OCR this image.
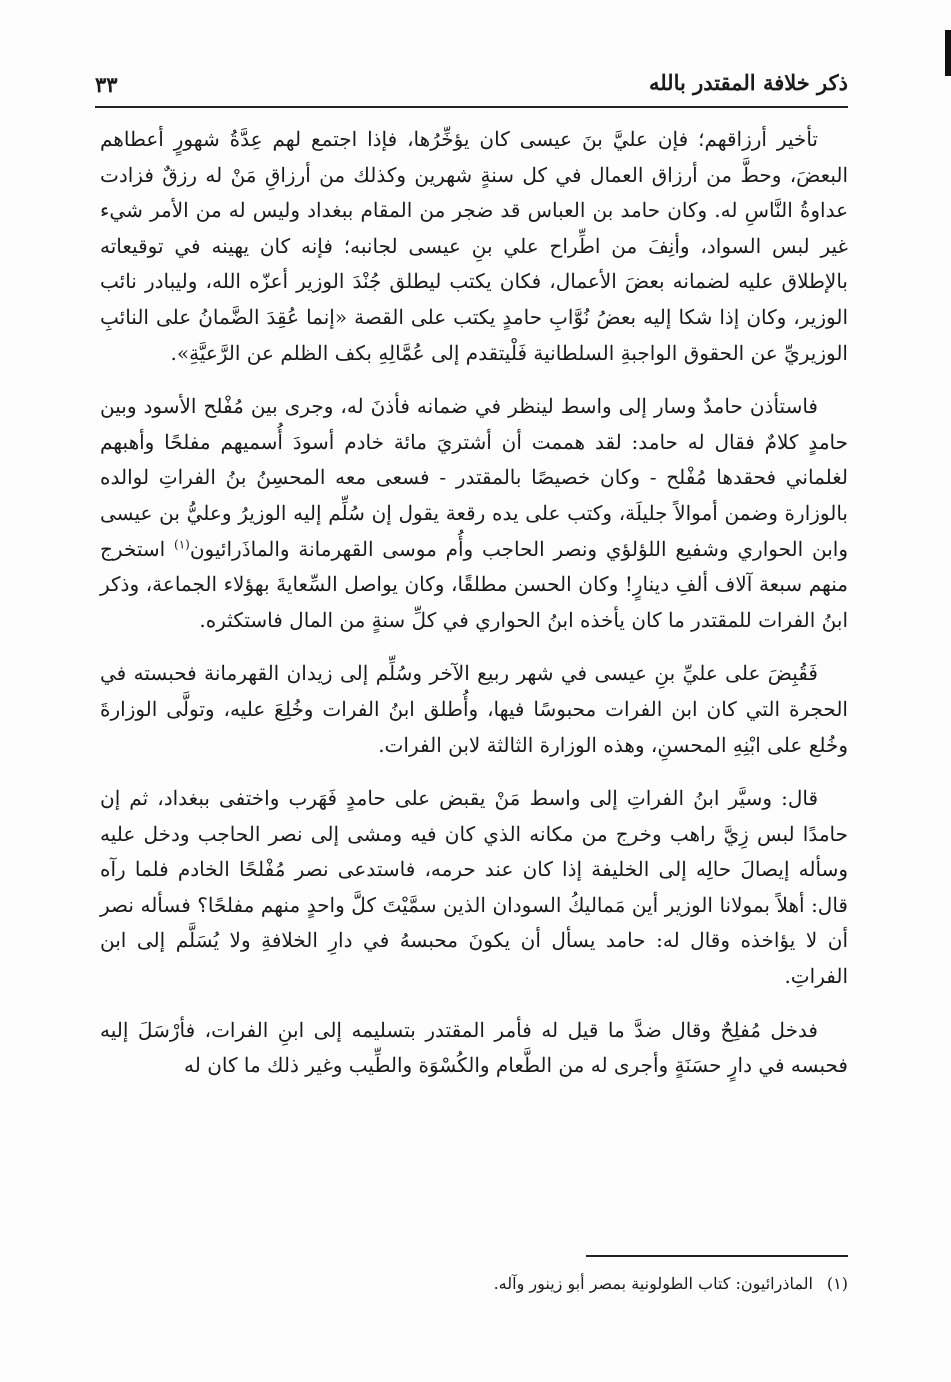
ذكر خلافة المقتدر بالله
٣٣

تأخير أرزاقهم؛ فإن عليَّ بنَ عيسى كان يؤخِّرُها، فإذا اجتمع لهم عِدَّةُ شهورٍ أعطاهم البعضَ، وحطَّ من أرزاق العمال في كل سنةٍ شهرين وكذلك من أرزاقِ مَنْ له رزقٌ فزادت عداوةُ النَّاسِ له. وكان حامد بن العباس قد ضجر من المقام ببغداد وليس له من الأمر شيء غير لبس السواد، وأنِفَ من اطِّراح علي بنِ عيسى لجانبه؛ فإنه كان يهينه في توقيعاته بالإطلاق عليه لضمانه بعضَ الأعمال، فكان يكتب ليطلق جُنْدَ الوزير أعزّه الله، وليبادر نائب الوزير، وكان إذا شكا إليه بعضُ نُوَّابِ حامدٍ يكتب على القصة «إنما عُقِدَ الضَّمانُ على النائبِ الوزيريِّ عن الحقوق الواجبةِ السلطانية فَلْيتقدم إلى عُمَّالِهِ بكف الظلم عن الرَّعيَّةِ».

فاستأذن حامدٌ وسار إلى واسط لينظر في ضمانه فأذنَ له، وجرى بين مُفْلح الأسود وبين حامدٍ كلامٌ فقال له حامد: لقد هممت أن أشتريَ مائة خادم أسودَ أُسميهم مفلحًا وأهبهم لغلماني فحقدها مُفْلح - وكان خصيصًا بالمقتدر - فسعى معه المحسِنُ بنُ الفراتِ لوالده بالوزارة وضمن أموالاً جليلَة، وكتب على يده رقعة يقول إن سُلِّم إليه الوزيرُ وعليُّ بن عيسى وابن الحواري وشفيع اللؤلؤي ونصر الحاجب وأُم موسى القهرمانة والماذَرائيون$^{(١)}$ استخرج منهم سبعة آلاف ألفِ دينارٍ! وكان الحسن مطلقًا، وكان يواصل السِّعايةَ بهؤلاء الجماعة، وذكر ابنُ الفرات للمقتدر ما كان يأخذه ابنُ الحواري في كلِّ سنةٍ من المال فاستكثره.

فَقُبِضَ على عليِّ بنِ عيسى في شهر ربيع الآخر وسُلِّم إلى زيدان القهرمانة فحبسته في الحجرة التي كان ابن الفرات محبوسًا فيها، وأُطلق ابنُ الفرات وخُلِعَ عليه، وتولَّى الوزارةَ وخُلع على ابْنِهِ المحسنِ، وهذه الوزارة الثالثة لابن الفرات.

قال: وسيَّر ابنُ الفراتِ إلى واسط مَنْ يقبض على حامدٍ فَهَرب واختفى ببغداد، ثم إن حامدًا لبس زِيَّ راهب وخرج من مكانه الذي كان فيه ومشى إلى نصر الحاجب ودخل عليه وسأله إيصالَ حالِه إلى الخليفة إذا كان عند حرمه، فاستدعى نصر مُفْلحًا الخادم فلما رآه قال: أهلاً بمولانا الوزير أين مَماليكُ السودان الذين سمَّيْتَ كلَّ واحدٍ منهم مفلحًا؟ فسأله نصر أن لا يؤاخذه وقال له: حامد يسأل أن يكونَ محبسهُ في دارِ الخلافةِ ولا يُسَلَّم إلى ابن الفراتِ.

فدخل مُفلِحٌ وقال ضدَّ ما قيل له فأمر المقتدر بتسليمه إلى ابنِ الفرات، فأرْسَلَ إليه فحبسه في دارٍ حسَنَةٍ وأجرى له من الطَّعام والكُسْوَة والطِّيب وغير ذلك ما كان له

(١)الماذرائيون: كتاب الطولونية بمصر أبو زينور وآله.
